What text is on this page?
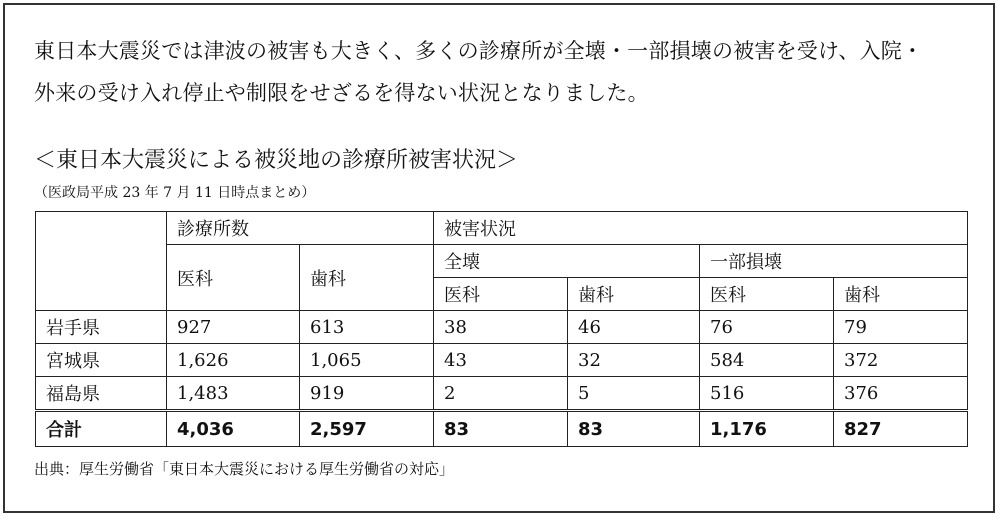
東日本大震災では津波の被害も大きく、多くの診療所が全壊・一部損壊の被害を受け、入院・
外来の受け入れ停止や制限をせざるを得ない状況となりました。
＜東日本大震災による被災地の診療所被害状況＞
（医政局平成 23 年 7 月 11 日時点まとめ）
	診療所数		被害状況			
	医科	歯科	全壊		一部損壊	
			医科	歯科	医科	歯科
岩手県	927	613	38	46	76	79
宮城県	1,626	1,065	43	32	584	372
福島県	1,483	919	2	5	516	376
合計	4,036	2,597	83	83	1,176	827
出典：厚生労働省「東日本大震災における厚生労働省の対応」
